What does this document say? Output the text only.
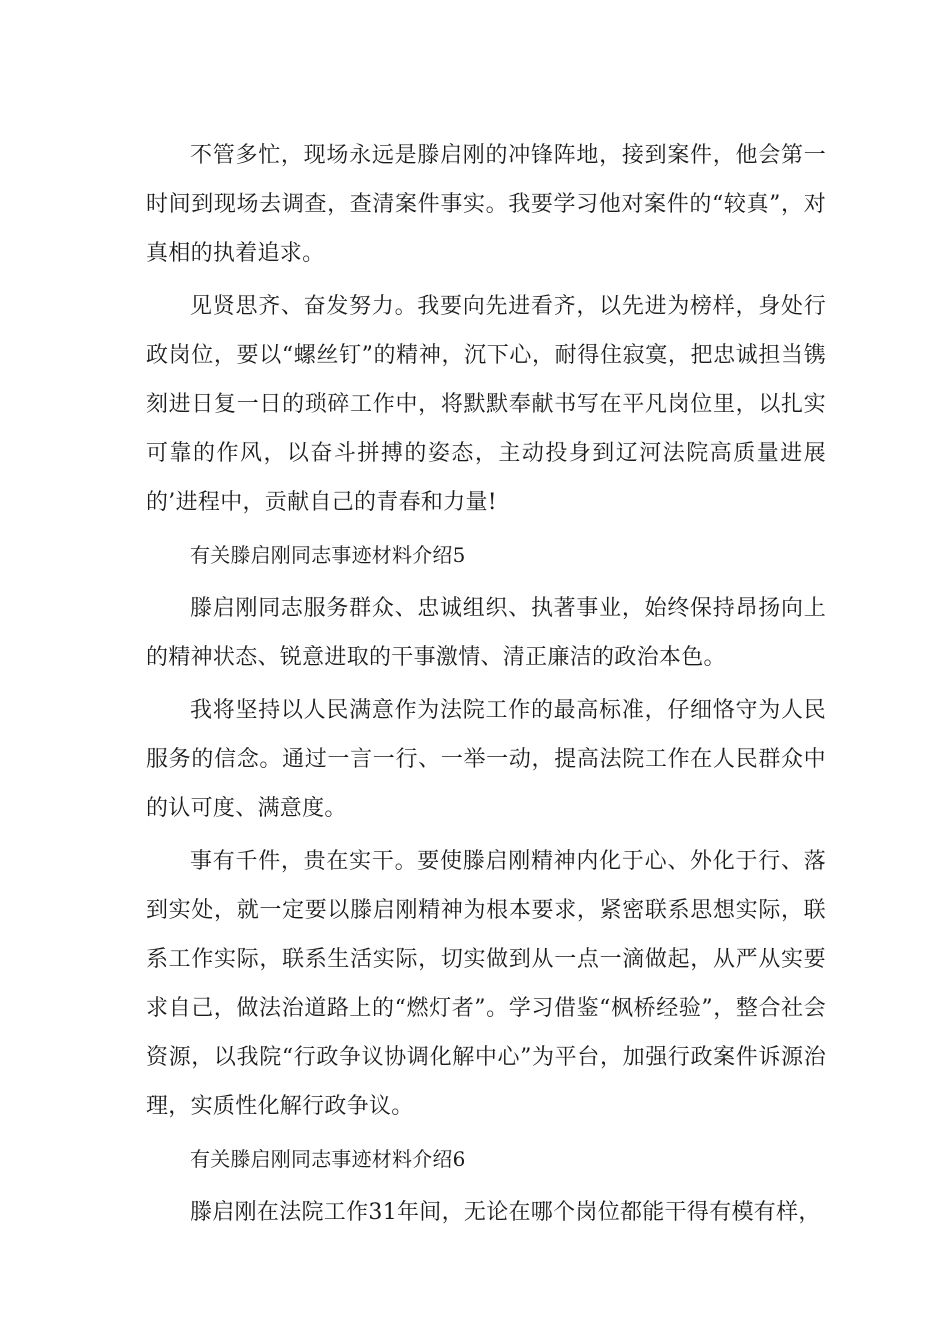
不管多忙，现场永远是滕启刚的冲锋阵地，接到案件，他会第一时间到现场去调查，查清案件事实。我要学习他对案件的“较真”，对真相的执着追求。

见贤思齐、奋发努力。我要向先进看齐，以先进为榜样，身处行政岗位，要以“螺丝钉”的精神，沉下心，耐得住寂寞，把忠诚担当镌刻进日复一日的琐碎工作中，将默默奉献书写在平凡岗位里，以扎实可靠的作风，以奋斗拼搏的姿态，主动投身到辽河法院高质量进展的’进程中，贡献自己的青春和力量!

有关滕启刚同志事迹材料介绍5

滕启刚同志服务群众、忠诚组织、执著事业，始终保持昂扬向上的精神状态、锐意进取的干事激情、清正廉洁的政治本色。

我将坚持以人民满意作为法院工作的最高标准，仔细恪守为人民服务的信念。通过一言一行、一举一动，提高法院工作在人民群众中的认可度、满意度。

事有千件，贵在实干。要使滕启刚精神内化于心、外化于行、落到实处，就一定要以滕启刚精神为根本要求，紧密联系思想实际，联系工作实际，联系生活实际，切实做到从一点一滴做起，从严从实要求自己，做法治道路上的“燃灯者”。学习借鉴“枫桥经验”，整合社会资源，以我院“行政争议协调化解中心”为平台，加强行政案件诉源治理，实质性化解行政争议。

有关滕启刚同志事迹材料介绍6

滕启刚在法院工作31年间，无论在哪个岗位都能干得有模有样，
